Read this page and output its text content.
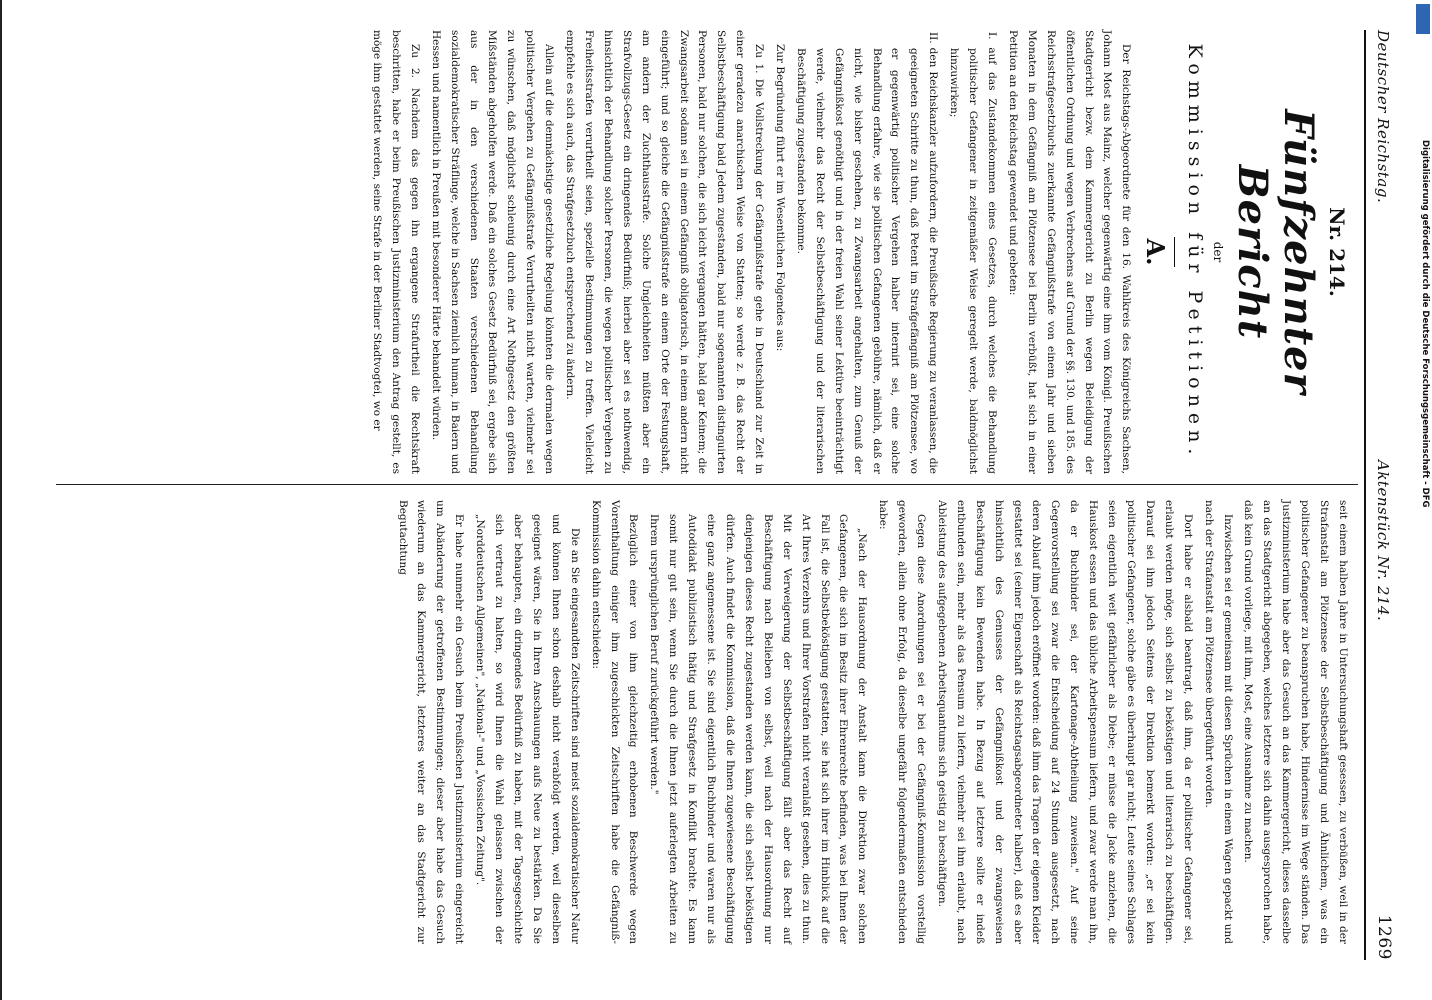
Deutscher Reichstag.
Aktenstück Nr. 214.
1269
Nr. 214.
Fünfzehnter Bericht
der
Kommission für Petitionen.
A.

Der Reichstags-Abgeordnete für den 16. Wahlkreis des Königreichs Sachsen, Johann Most aus Mainz, welcher gegenwärtig eine ihm vom Königl. Preußischen Stadtgericht bezw. dem Kammergericht zu Berlin wegen Beleidigung der öffentlichen Ordnung und wegen Verbrechens auf Grund der §§. 130. und 185. des Reichsstrafgesetzbuchs zuerkannte Gefängnißstrafe von einem Jahr und sieben Monaten in dem Gefängniß am Plötzensee bei Berlin verbüßt, hat sich in einer Petition an den Reichstag gewendet und gebeten:

I. auf das Zustandekommen eines Gesetzes, durch welches die Behandlung politischer Gefangener in zeitgemäßer Weise geregelt werde, baldmöglichst hinzuwirken;

II. den Reichskanzler aufzufordern, die Preußische Regierung zu veranlassen, die geeigneten Schritte zu thun, daß Petent im Strafgefängniß am Plötzensee, wo er gegenwärtig politischer Vergehen halber internirt sei, eine solche Behandlung erfahre, wie sie politischen Gefangenen gebühre, nämlich, daß er nicht, wie bisher geschehen, zu Zwangsarbeit angehalten, zum Genuß der Gefängnißkost genöthigt und in der freien Wahl seiner Lektüre beeinträchtigt werde, vielmehr das Recht der Selbstbeschäftigung und der literarischen Beschäftigung zugestanden bekomme.

Zur Begründung führt er im Wesentlichen Folgendes aus:

Zu 1. Die Vollstreckung der Gefängnißstrafe gehe in Deutschland zur Zeit in einer geradezu anarchischen Weise von Statten; so werde z. B. das Recht der Selbstbeschäftigung bald Jedem zugestanden, bald nur sogenannten distinguirten Personen, bald nur solchen, die sich leicht vergangen hätten, bald gar Keinem; die Zwangsarbeit sodann sei in einem Gefängniß obligatorisch, in einem andern nicht eingeführt; und so gleiche die Gefängnißstrafe an einem Orte der Festungshaft, am andern der Zuchthausstrafe. Solche Ungleichheiten müßten aber ein Strafvollzugs-Gesetz ein dringendes Bedürfniß; hierbei aber sei es nothwendig, hinsichtlich der Behandlung solcher Personen, die wegen politischer Vergehen zu Freiheitsstrafen verurtheilt seien, spezielle Bestimmungen zu treffen. Vielleicht empfehle es sich auch, das Strafgesetzbuch entsprechend zu ändern.

Allein auf die demnächstige gesetzliche Regelung könnten die dermalen wegen politischer Vergehen zu Gefängnißstrafe Verurtheilten nicht warten, vielmehr sei zu wünschen, daß möglichst schleunig durch eine Art Nothgesetz den größten Mißständen abgeholfen werde. Daß ein solches Gesetz Bedürfniß sei, ergebe sich aus der in den verschiedenen Staaten verschiedenen Behandlung sozialdemokratischer Sträflinge, welche in Sachsen ziemlich human, in Baiern und Hessen und namentlich in Preußen mit besonderer Härte behandelt würden.

Zu 2. Nachdem das gegen ihn ergangene Strafurtheil die Rechtskraft beschritten, habe er beim Preußischen Justizministerium den Antrag gestellt, es möge ihm gestattet werden, seine Strafe in der Berliner Stadtvogtei, wo er

seit einem halben Jahre in Untersuchungshaft gesessen, zu verbüßen, weil in der Strafanstalt am Plötzensee der Selbstbeschäftigung und Ähnlichem, was ein politischer Gefangener zu beanspruchen habe, Hindernisse im Wege ständen. Das Justizministerium habe aber das Gesuch an das Kammergericht, dieses dasselbe an das Stadtgericht abgegeben, welches letztere sich dahin ausgesprochen habe, daß kein Grund vorliege, mit ihm, Most, eine Ausnahme zu machen.

Inzwischen sei er gemeinsam mit diesen Sprüchen in einem Wagen gepackt und nach der Strafanstalt am Plötzensee übergeführt worden.

Dort habe er alsbald beantragt, daß ihm, da er politischer Gefangener sei, erlaubt werden möge, sich selbst zu beköstigen und literarisch zu beschäftigen. Darauf sei ihm jedoch Seitens der Direktion bemerkt worden: „er sei kein politischer Gefangener, solche gäbe es überhaupt gar nicht; Leute seines Schlages seien eigentlich weit gefährlicher als Diebe; er müsse die Jacke anziehen, die Hauskost essen und das übliche Arbeitspensum liefern, und zwar werde man ihn, da er Buchbinder sei, der Kartonage-Abtheilung zuweisen." Auf seine Gegenvorstellung sei zwar die Entscheidung auf 24 Stunden ausgesetzt, nach deren Ablauf ihm jedoch eröffnet worden: daß ihm das Tragen der eigenen Kleider gestattet sei (seiner Eigenschaft als Reichstagsabgeordneter halber), daß es aber hinsichtlich des Genusses der Gefängnißkost und der zwangsweisen Beschäftigung kein Bewenden habe. In Bezug auf letztere sollte er indeß entbunden sein, mehr als das Pensum zu liefern, vielmehr sei ihm erlaubt, nach Ableistung des aufgegebenen Arbeitsquantums sich geistig zu beschäftigen.

Gegen diese Anordnungen sei er bei der Gefängniß-Kommission vorstellig geworden, allein ohne Erfolg, da dieselbe ungefähr folgendermaßen entschieden habe:

„Nach der Hausordnung der Anstalt kann die Direktion zwar solchen Gefangenen, die sich im Besitz ihrer Ehrenrechte befinden, was bei Ihnen der Fall ist, die Selbstbeköstigung gestatten, sie hat sich ihrer im Hinblick auf die Art Ihres Verzehrs und Ihrer Vorstrafen nicht veranlaßt gesehen, dies zu thun. Mit der Verweigerung der Selbstbeschäftigung fällt aber das Recht auf Beschäftigung nach Belieben von selbst, weil nach der Hausordnung nur denjenigen dieses Recht zugestanden werden kann, die sich selbst beköstigen dürfen. Auch findet die Kommission, daß die Ihnen zugewiesene Beschäftigung eine ganz angemessene ist. Sie sind eigentlich Buchbinder und waren nur als Autodidakt publizistisch thätig und Strafgesetz in Konflikt brachte. Es kann somit nur gut sein, wenn Sie durch die Ihnen jetzt auferlegten Arbeiten zu Ihrem ursprünglichen Beruf zurückgeführt werden."

Bezüglich einer von ihm gleichzeitig erhobenen Beschwerde wegen Vorenthaltung einiger ihm zugeschickten Zeitschriften habe die Gefängniß-Kommission dahin entschieden:

Die an Sie eingesandten Zeitschriften sind meist sozialdemokratischer Natur und können Ihnen schon deshalb nicht verabfolgt werden, weil dieselben geeignet wären, Sie in Ihren Anschauungen aufs Neue zu bestärken. Da Sie aber behaupten, ein dringendes Bedürfniß zu haben, mit der Tagesgeschichte sich vertraut zu halten, so wird Ihnen die Wahl gelassen zwischen der „Norddeutschen Allgemeinen", „National-" und „Vossischen Zeitung".

Er habe nunmehr ein Gesuch beim Preußischen Justizministerium eingereicht um Abänderung der getroffenen Bestimmungen; dieser aber habe das Gesuch wiederum an das Kammergericht, letzteres weiter an das Stadtgericht zur Begutachtung

Digitalisierung gefördert durch die Deutsche Forschungsgemeinschaft - DFG
